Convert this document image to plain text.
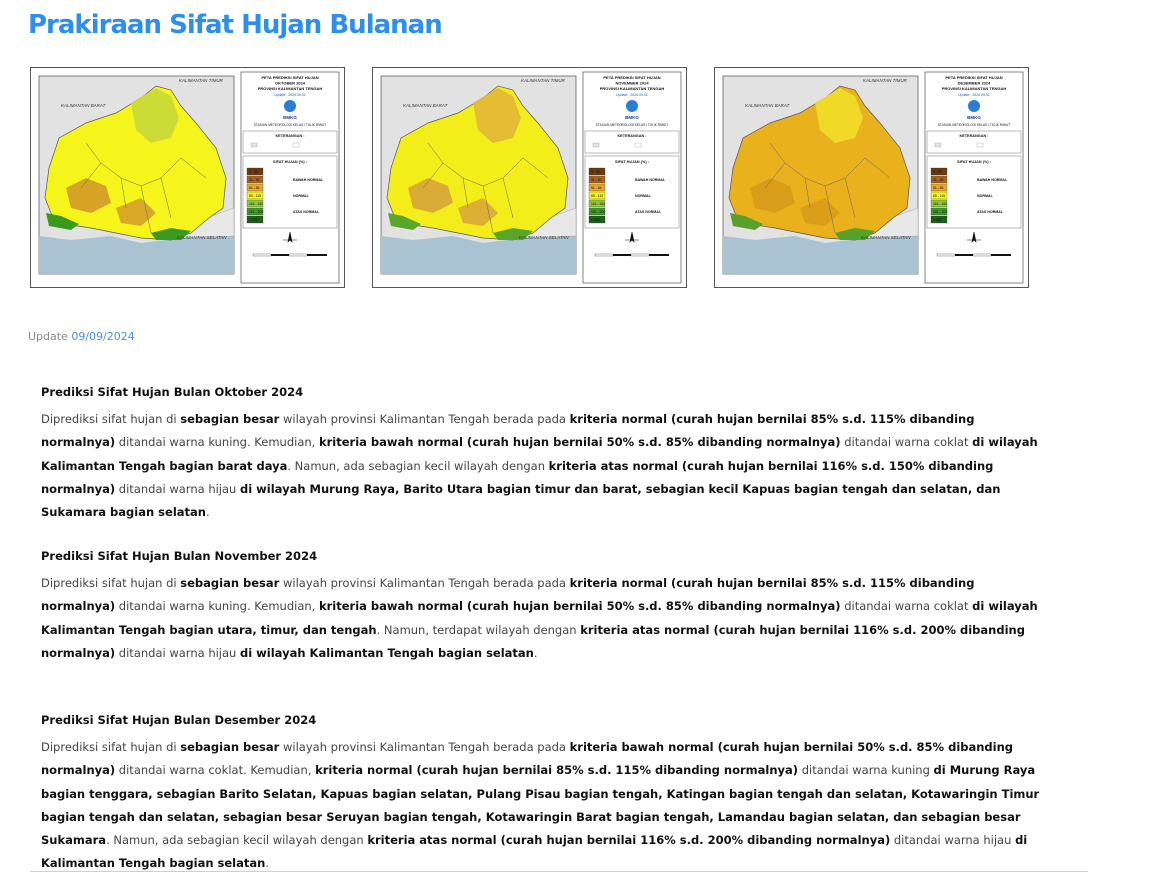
Prakiraan Sifat Hujan Bulanan
KALIMANTAN TIMUR
KALIMANTAN BARAT
KALIMANTAN SELATAN
PETA PREDIKSI SIFAT HUJAN
OKTOBER 2024
PROVINSI KALIMANTAN TENGAH
Update : 2024.09.01
BMKG
STASIUN METEOROLOGI KELAS I TJILIK RIWUT
KETERANGAN :
SIFAT HUJAN (%) :
0 - 30
31 - 50
51 - 84
85 - 115
116 - 150
151 - 200
> 200
BAWAH NORMAL
NORMAL
ATAS NORMAL
KALIMANTAN TIMUR
KALIMANTAN BARAT
KALIMANTAN SELATAN
PETA PREDIKSI SIFAT HUJAN
NOVEMBER 2024
PROVINSI KALIMANTAN TENGAH
Update : 2024.09.01
BMKG
STASIUN METEOROLOGI KELAS I TJILIK RIWUT
KETERANGAN :
SIFAT HUJAN (%) :
0 - 30
31 - 50
51 - 84
85 - 115
116 - 150
151 - 200
> 200
BAWAH NORMAL
NORMAL
ATAS NORMAL
KALIMANTAN TIMUR
KALIMANTAN BARAT
KALIMANTAN SELATAN
PETA PREDIKSI SIFAT HUJAN
DESEMBER 2024
PROVINSI KALIMANTAN TENGAH
Update : 2024.09.01
BMKG
STASIUN METEOROLOGI KELAS I TJILIK RIWUT
KETERANGAN :
SIFAT HUJAN (%) :
0 - 30
31 - 50
51 - 84
85 - 115
116 - 150
151 - 200
> 200
BAWAH NORMAL
NORMAL
ATAS NORMAL
Update 09/09/2024
Prediksi Sifat Hujan Bulan Oktober 2024

Diprediksi sifat hujan di sebagian besar wilayah provinsi Kalimantan Tengah berada pada kriteria normal (curah hujan bernilai 85% s.d. 115% dibanding normalnya) ditandai warna kuning. Kemudian, kriteria bawah normal (curah hujan bernilai 50% s.d. 85% dibanding normalnya) ditandai warna coklat di wilayah Kalimantan Tengah bagian barat daya. Namun, ada sebagian kecil wilayah dengan kriteria atas normal (curah hujan bernilai 116% s.d. 150% dibanding normalnya) ditandai warna hijau di wilayah Murung Raya, Barito Utara bagian timur dan barat, sebagian kecil Kapuas bagian tengah dan selatan, dan Sukamara bagian selatan.

Prediksi Sifat Hujan Bulan November 2024

Diprediksi sifat hujan di sebagian besar wilayah provinsi Kalimantan Tengah berada pada kriteria normal (curah hujan bernilai 85% s.d. 115% dibanding normalnya) ditandai warna kuning. Kemudian, kriteria bawah normal (curah hujan bernilai 50% s.d. 85% dibanding normalnya) ditandai warna coklat di wilayah Kalimantan Tengah bagian utara, timur, dan tengah. Namun, terdapat wilayah dengan kriteria atas normal (curah hujan bernilai 116% s.d. 200% dibanding normalnya) ditandai warna hijau di wilayah Kalimantan Tengah bagian selatan.

Prediksi Sifat Hujan Bulan Desember 2024

Diprediksi sifat hujan di sebagian besar wilayah provinsi Kalimantan Tengah berada pada kriteria bawah normal (curah hujan bernilai 50% s.d. 85% dibanding normalnya) ditandai warna coklat. Kemudian, kriteria normal (curah hujan bernilai 85% s.d. 115% dibanding normalnya) ditandai warna kuning di Murung Raya bagian tenggara, sebagian Barito Selatan, Kapuas bagian selatan, Pulang Pisau bagian tengah, Katingan bagian tengah dan selatan, Kotawaringin Timur bagian tengah dan selatan, sebagian besar Seruyan bagian tengah, Kotawaringin Barat bagian tengah, Lamandau bagian selatan, dan sebagian besar Sukamara. Namun, ada sebagian kecil wilayah dengan kriteria atas normal (curah hujan bernilai 116% s.d. 200% dibanding normalnya) ditandai warna hijau di Kalimantan Tengah bagian selatan.
